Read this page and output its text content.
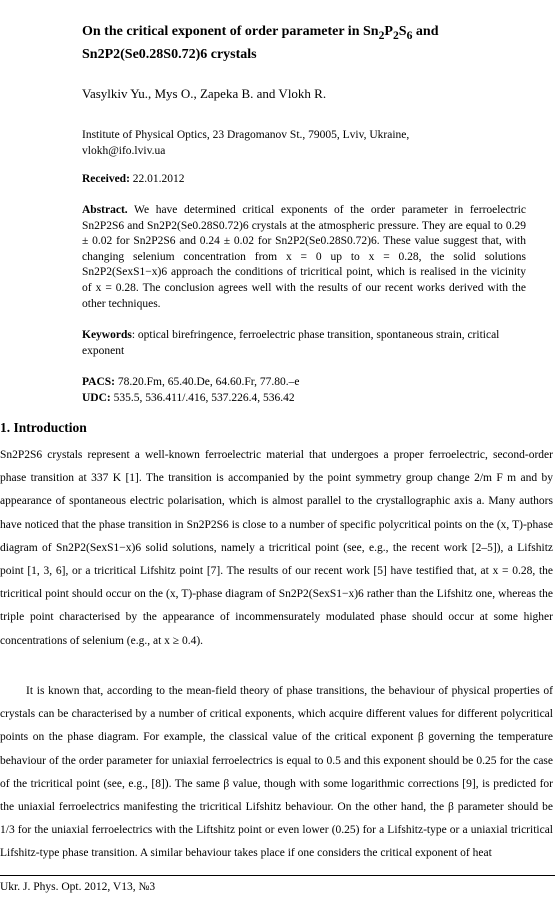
On the critical exponent of order parameter in $Sn_2P_2S_6$ and
Sn2P2(Se0.28S0.72)6 crystals
Vasylkiv Yu., Mys O., Zapeka B. and Vlokh R.
Institute of Physical Optics, 23 Dragomanov St., 79005, Lviv, Ukraine,
vlokh@ifo.lviv.ua
Received: 22.01.2012
Abstract. We have determined critical exponents of the order parameter in ferroelectric Sn2P2S6 and Sn2P2(Se0.28S0.72)6 crystals at the atmospheric pressure. They are equal to 0.29 ± 0.02 for Sn2P2S6 and 0.24 ± 0.02 for Sn2P2(Se0.28S0.72)6. These value suggest that, with changing selenium concentration from x = 0 up to x = 0.28, the solid solutions Sn2P2(SexS1−x)6 approach the conditions of tricritical point, which is realised in the vicinity of x = 0.28. The conclusion agrees well with the results of our recent works derived with the other techniques.
Keywords: optical birefringence, ferroelectric phase transition, spontaneous strain, critical exponent
PACS: 78.20.Fm, 65.40.De, 64.60.Fr, 77.80.–e
UDC: 535.5, 536.411/.416, 537.226.4, 536.42
1. Introduction
Sn2P2S6 crystals represent a well-known ferroelectric material that undergoes a proper ferroelectric, second-order phase transition at 337 K [1]. The transition is accompanied by the point symmetry group change 2/m F m and by appearance of spontaneous electric polarisation, which is almost parallel to the crystallographic axis a. Many authors have noticed that the phase transition in Sn2P2S6 is close to a number of specific polycritical points on the (x, T)-phase diagram of Sn2P2(SexS1−x)6 solid solutions, namely a tricritical point (see, e.g., the recent work [2–5]), a Lifshitz point [1, 3, 6], or a tricritical Lifshitz point [7]. The results of our recent work [5] have testified that, at x = 0.28, the tricritical point should occur on the (x, T)-phase diagram of Sn2P2(SexS1−x)6 rather than the Lifshitz one, whereas the triple point characterised by the appearance of incommensurately modulated phase should occur at some higher concentrations of selenium (e.g., at x ≥ 0.4).
It is known that, according to the mean-field theory of phase transitions, the behaviour of physical properties of crystals can be characterised by a number of critical exponents, which acquire different values for different polycritical points on the phase diagram. For example, the classical value of the critical exponent β governing the temperature behaviour of the order parameter for uniaxial ferroelectrics is equal to 0.5 and this exponent should be 0.25 for the case of the tricritical point (see, e.g., [8]). The same β value, though with some logarithmic corrections [9], is predicted for the uniaxial ferroelectrics manifesting the tricritical Lifshitz behaviour. On the other hand, the β parameter should be 1/3 for the uniaxial ferroelectrics with the Liftshitz point or even lower (0.25) for a Lifshitz-type or a uniaxial tricritical Lifshitz-type phase transition. A similar behaviour takes place if one considers the critical exponent of heat
Ukr. J. Phys. Opt. 2012, V13, №3
